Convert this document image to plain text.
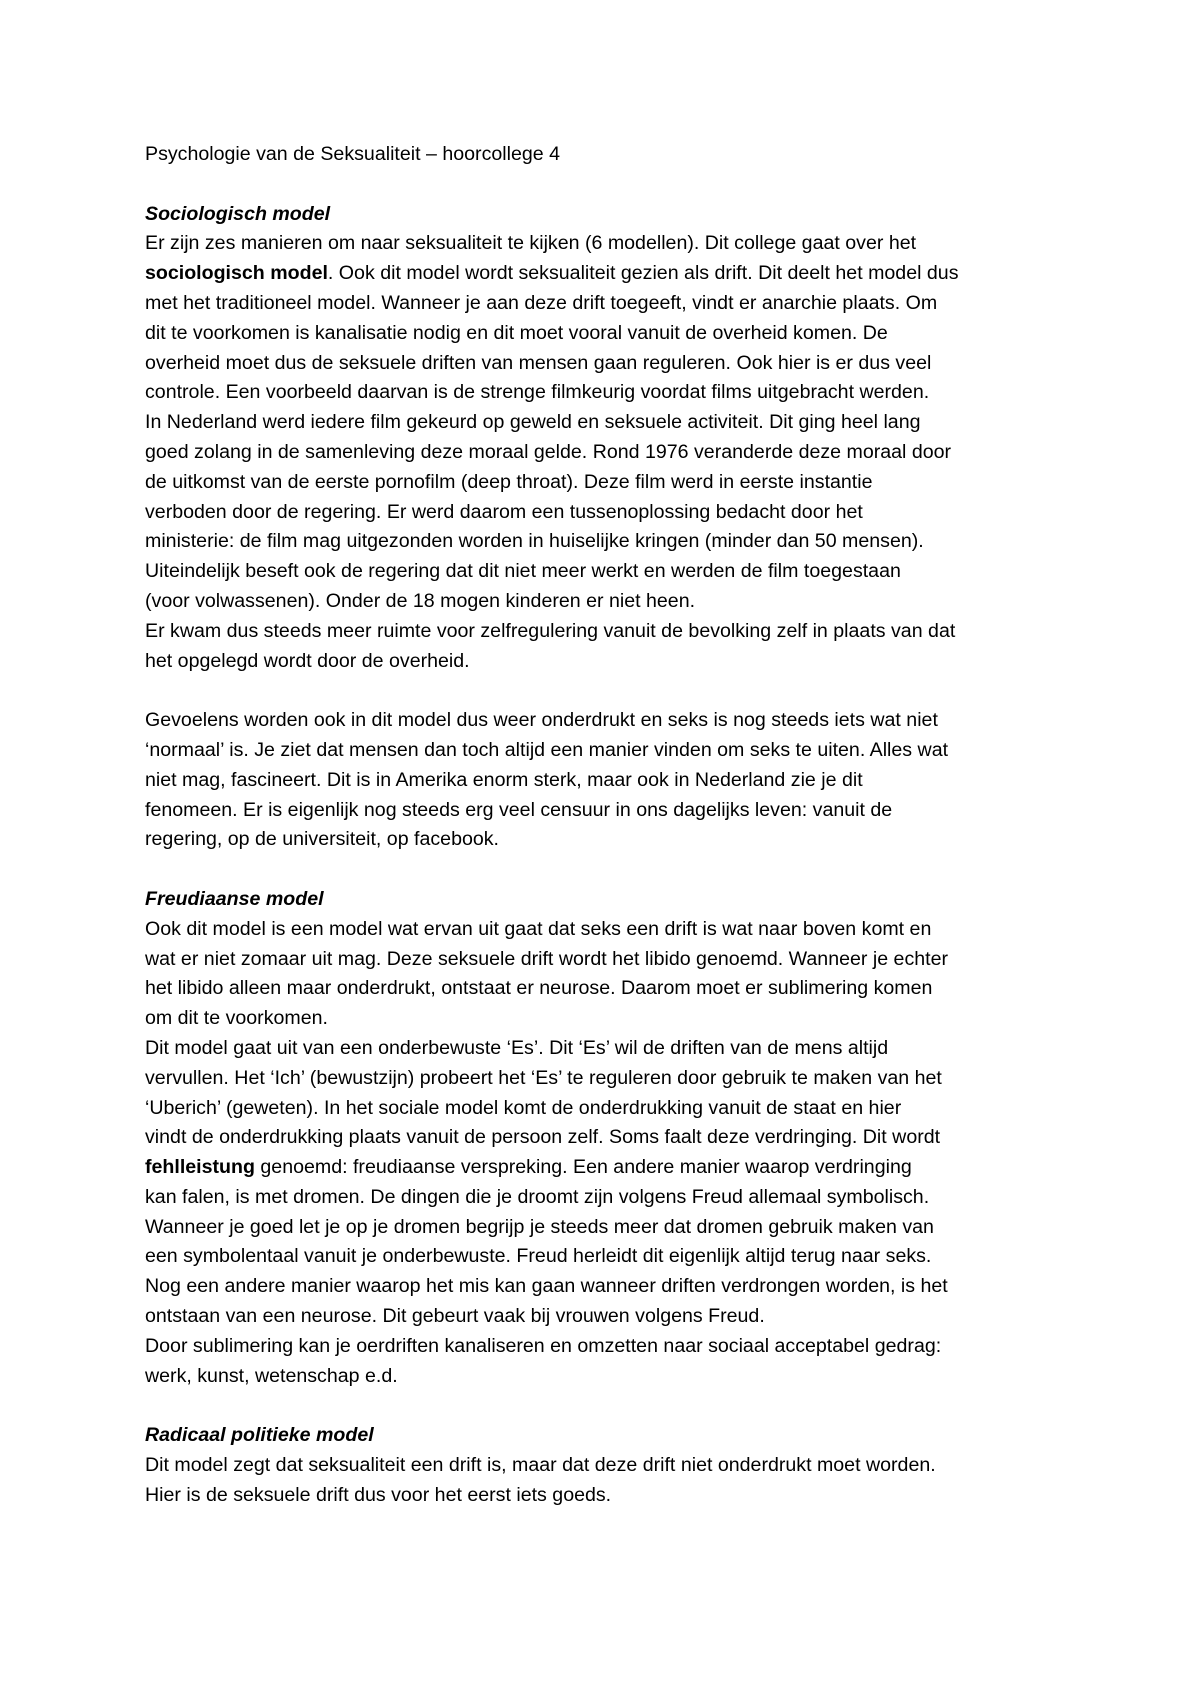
Psychologie van de Seksualiteit – hoorcollege 4
Sociologisch model
Er zijn zes manieren om naar seksualiteit te kijken (6 modellen). Dit college gaat over het
sociologisch model. Ook dit model wordt seksualiteit gezien als drift. Dit deelt het model dus
met het traditioneel model. Wanneer je aan deze drift toegeeft, vindt er anarchie plaats. Om
dit te voorkomen is kanalisatie nodig en dit moet vooral vanuit de overheid komen. De
overheid moet dus de seksuele driften van mensen gaan reguleren. Ook hier is er dus veel
controle. Een voorbeeld daarvan is de strenge filmkeurig voordat films uitgebracht werden.
In Nederland werd iedere film gekeurd op geweld en seksuele activiteit. Dit ging heel lang
goed zolang in de samenleving deze moraal gelde. Rond 1976 veranderde deze moraal door
de uitkomst van de eerste pornofilm (deep throat). Deze film werd in eerste instantie
verboden door de regering. Er werd daarom een tussenoplossing bedacht door het
ministerie: de film mag uitgezonden worden in huiselijke kringen (minder dan 50 mensen).
Uiteindelijk beseft ook de regering dat dit niet meer werkt en werden de film toegestaan
(voor volwassenen). Onder de 18 mogen kinderen er niet heen.
Er kwam dus steeds meer ruimte voor zelfregulering vanuit de bevolking zelf in plaats van dat
het opgelegd wordt door de overheid.
Gevoelens worden ook in dit model dus weer onderdrukt en seks is nog steeds iets wat niet
‘normaal’ is. Je ziet dat mensen dan toch altijd een manier vinden om seks te uiten. Alles wat
niet mag, fascineert. Dit is in Amerika enorm sterk, maar ook in Nederland zie je dit
fenomeen. Er is eigenlijk nog steeds erg veel censuur in ons dagelijks leven: vanuit de
regering, op de universiteit, op facebook.
Freudiaanse model
Ook dit model is een model wat ervan uit gaat dat seks een drift is wat naar boven komt en
wat er niet zomaar uit mag. Deze seksuele drift wordt het libido genoemd. Wanneer je echter
het libido alleen maar onderdrukt, ontstaat er neurose. Daarom moet er sublimering komen
om dit te voorkomen.
Dit model gaat uit van een onderbewuste ‘Es’. Dit ‘Es’ wil de driften van de mens altijd
vervullen. Het ‘Ich’ (bewustzijn) probeert het ‘Es’ te reguleren door gebruik te maken van het
‘Uberich’ (geweten). In het sociale model komt de onderdrukking vanuit de staat en hier
vindt de onderdrukking plaats vanuit de persoon zelf. Soms faalt deze verdringing. Dit wordt
fehlleistung genoemd: freudiaanse verspreking. Een andere manier waarop verdringing
kan falen, is met dromen. De dingen die je droomt zijn volgens Freud allemaal symbolisch.
Wanneer je goed let je op je dromen begrijp je steeds meer dat dromen gebruik maken van
een symbolentaal vanuit je onderbewuste. Freud herleidt dit eigenlijk altijd terug naar seks.
Nog een andere manier waarop het mis kan gaan wanneer driften verdrongen worden, is het
ontstaan van een neurose. Dit gebeurt vaak bij vrouwen volgens Freud.
Door sublimering kan je oerdriften kanaliseren en omzetten naar sociaal acceptabel gedrag:
werk, kunst, wetenschap e.d.
Radicaal politieke model
Dit model zegt dat seksualiteit een drift is, maar dat deze drift niet onderdrukt moet worden.
Hier is de seksuele drift dus voor het eerst iets goeds.
